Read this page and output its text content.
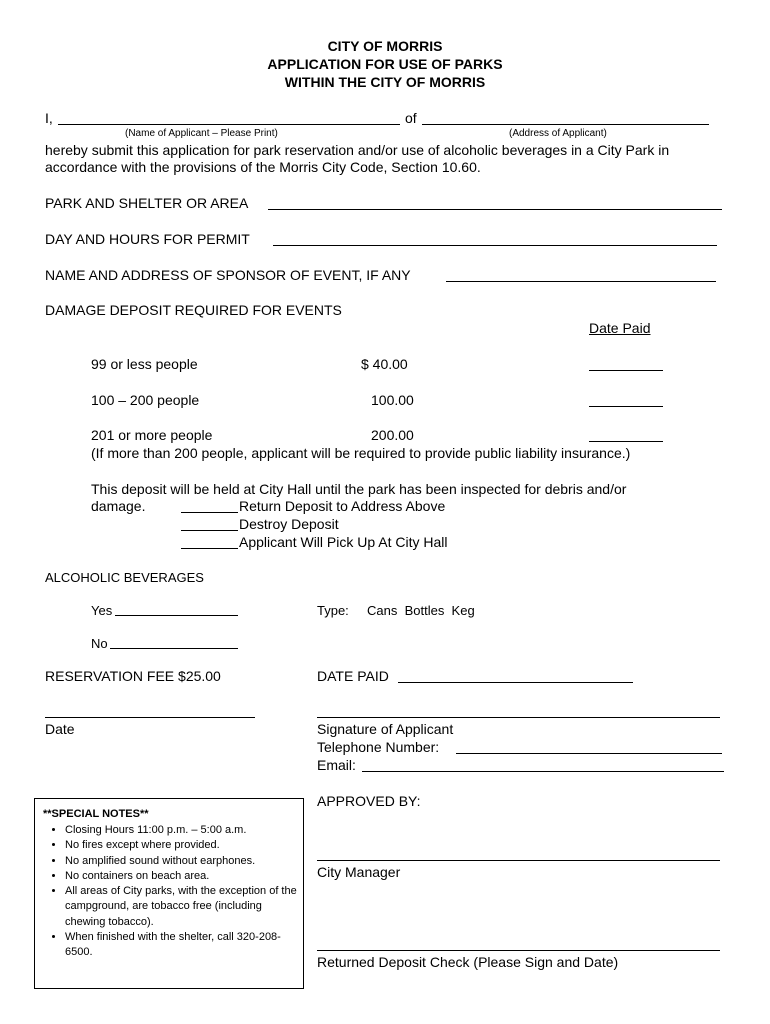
CITY OF MORRIS
APPLICATION FOR USE OF PARKS
WITHIN THE CITY OF MORRIS
I,	of
(Name of Applicant – Please Print)	(Address of Applicant)
hereby submit this application for park reservation and/or use of alcoholic beverages in a City Park in
accordance with the provisions of the Morris City Code, Section 10.60.
PARK AND SHELTER OR AREA
DAY AND HOURS FOR PERMIT
NAME AND ADDRESS OF SPONSOR OF EVENT, IF ANY
DAMAGE DEPOSIT REQUIRED FOR EVENTS
Date Paid
99 or less people	$ 40.00
100 – 200 people	100.00
201 or more people	200.00
(If more than 200 people, applicant will be required to provide public liability insurance.)
This deposit will be held at City Hall until the park has been inspected for debris and/or
damage.	Return Deposit to Address Above
Destroy Deposit
Applicant Will Pick Up At City Hall
ALCOHOLIC BEVERAGES
Yes	Type: Cans  Bottles  Keg
No
RESERVATION FEE $25.00	DATE PAID
Date	Signature of Applicant
Telephone Number:
Email:
APPROVED BY:
City Manager
Returned Deposit Check (Please Sign and Date)
**SPECIAL NOTES**
• Closing Hours 11:00 p.m. – 5:00 a.m.
• No fires except where provided.
• No amplified sound without earphones.
• No containers on beach area.
• All areas of City parks, with the exception of the campground, are tobacco free (including chewing tobacco).
• When finished with the shelter, call 320-208-6500.
